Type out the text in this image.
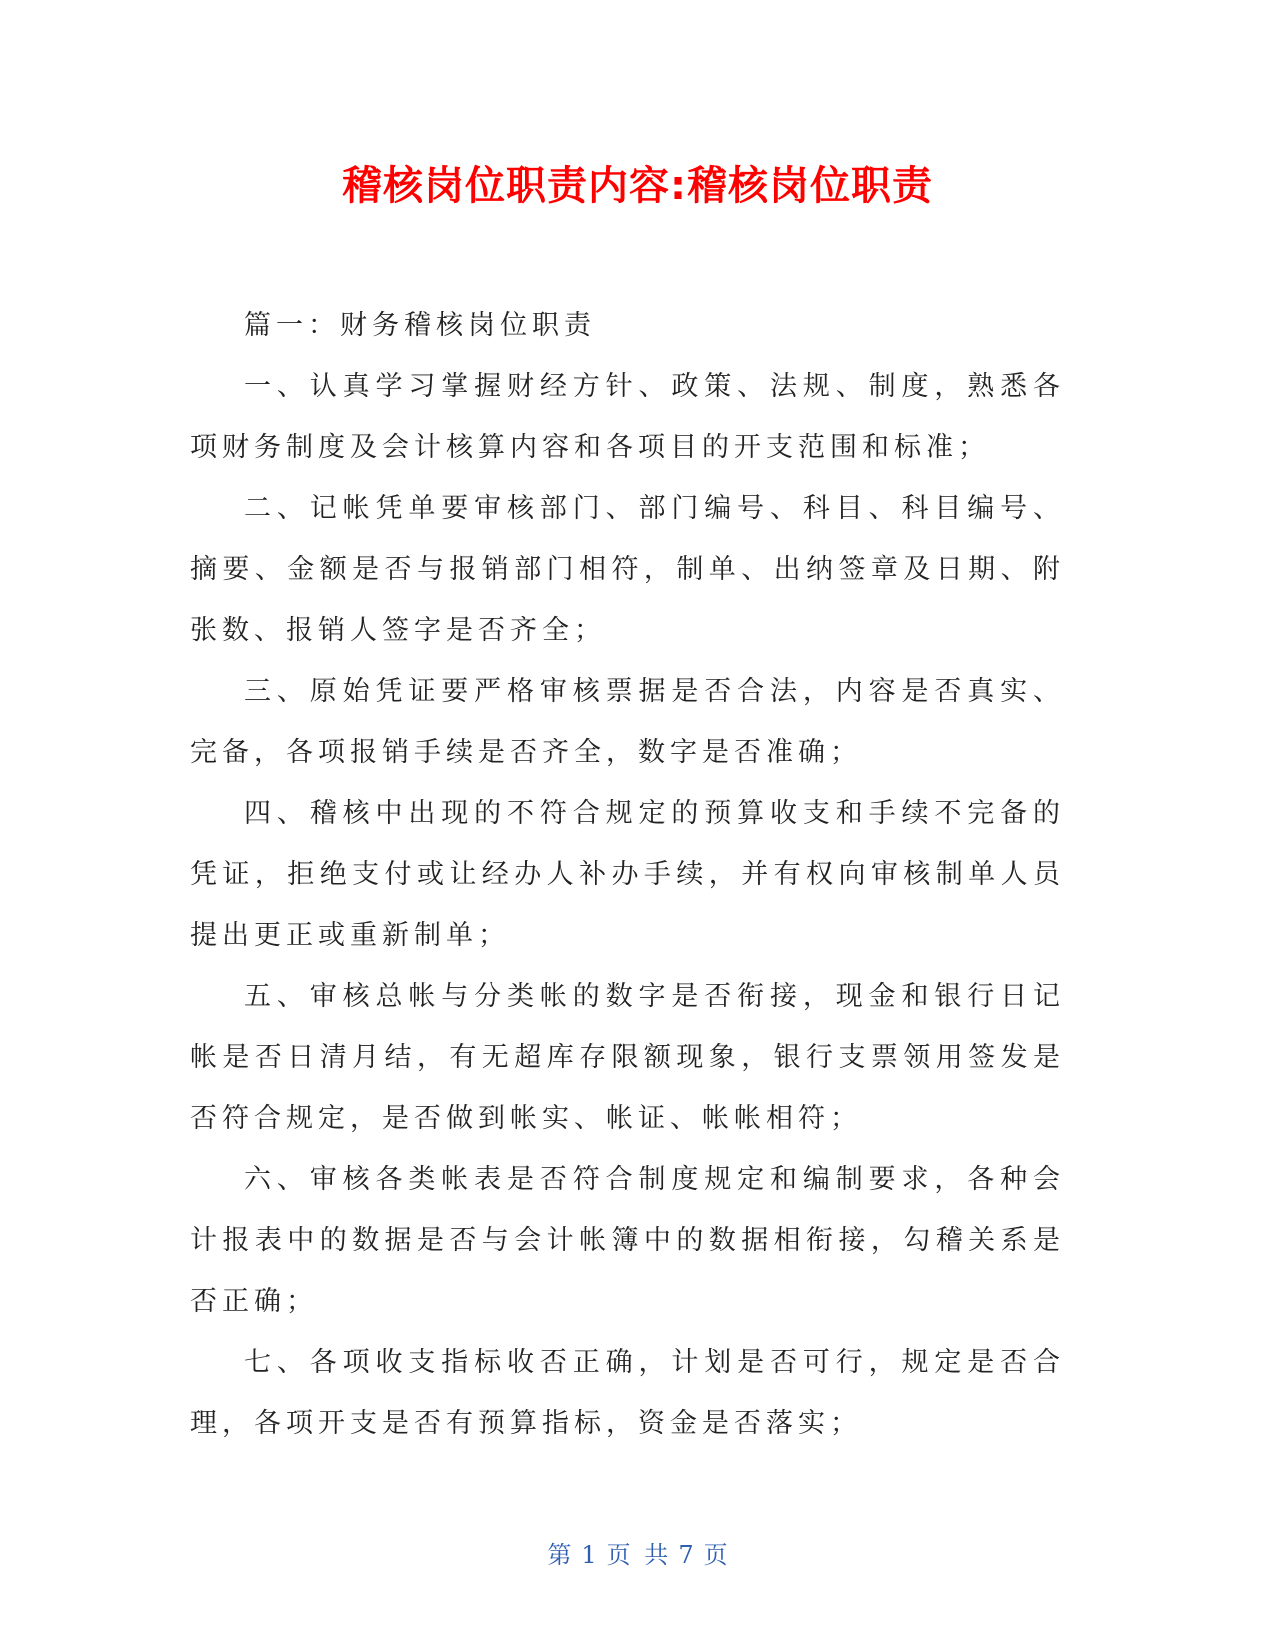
稽核岗位职责内容:稽核岗位职责

篇一：财务稽核岗位职责

一、认真学习掌握财经方针、政策、法规、制度，熟悉各项财务制度及会计核算内容和各项目的开支范围和标准；

二、记帐凭单要审核部门、部门编号、科目、科目编号、摘要、金额是否与报销部门相符，制单、出纳签章及日期、附张数、报销人签字是否齐全；

三、原始凭证要严格审核票据是否合法，内容是否真实、完备，各项报销手续是否齐全，数字是否准确；

四、稽核中出现的不符合规定的预算收支和手续不完备的凭证，拒绝支付或让经办人补办手续，并有权向审核制单人员提出更正或重新制单；

五、审核总帐与分类帐的数字是否衔接，现金和银行日记帐是否日清月结，有无超库存限额现象，银行支票领用签发是否符合规定，是否做到帐实、帐证、帐帐相符；

六、审核各类帐表是否符合制度规定和编制要求，各种会计报表中的数据是否与会计帐簿中的数据相衔接，勾稽关系是否正确；

七、各项收支指标收否正确，计划是否可行，规定是否合理，各项开支是否有预算指标，资金是否落实；

第 1 页 共 7 页
